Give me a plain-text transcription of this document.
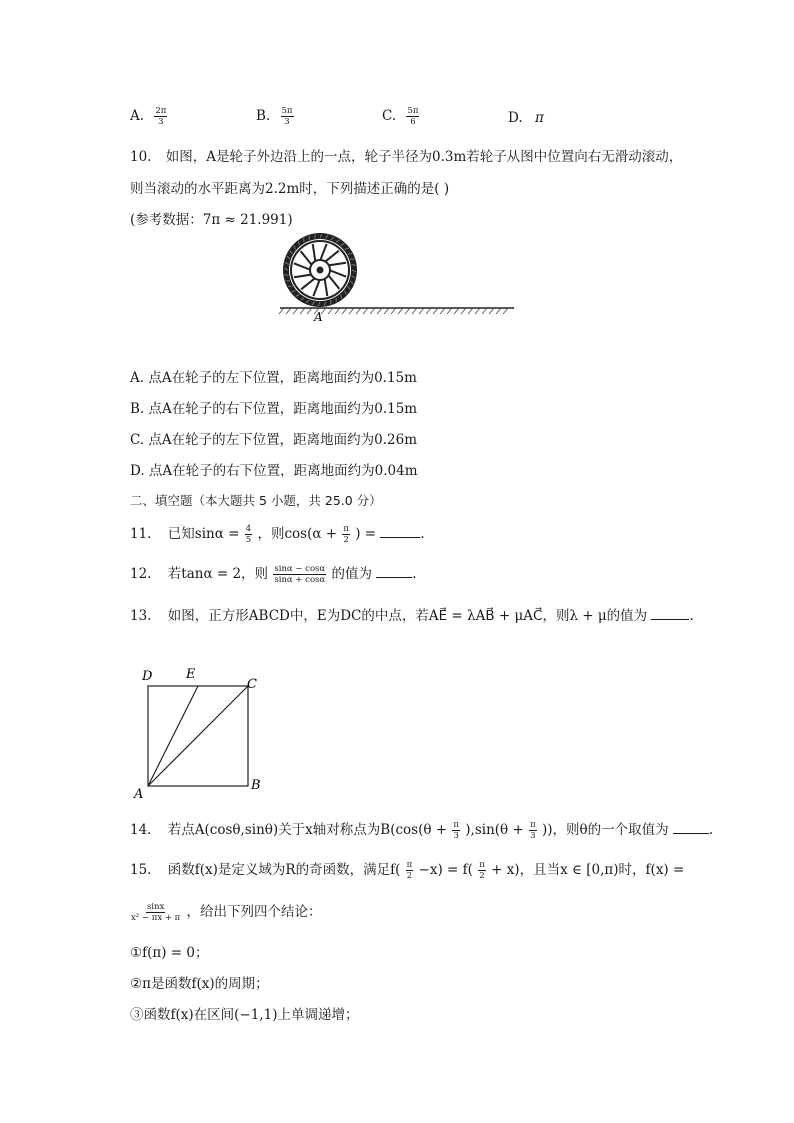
A. $\frac{2\pi}{3}$	B. $\frac{5\pi}{3}$	C. $\frac{5\pi}{6}$	D. π
10. 如图，A是轮子外边沿上的一点，轮子半径为0.3m若轮子从图中位置向右无滑动滚动，
则当滚动的水平距离为2.2m时，下列描述正确的是( )
(参考数据：7π ≈ 21.991)
A
A. 点A在轮子的左下位置，距离地面约为0.15m
B. 点A在轮子的右下位置，距离地面约为0.15m
C. 点A在轮子的左下位置，距离地面约为0.26m
D. 点A在轮子的右下位置，距离地面约为0.04m
二、填空题（本大题共 5 小题，共 25.0 分）
11. 已知$\sin\alpha = \frac{4}{5}$ ，则$\cos(\alpha + \frac{\pi}{2}$ ) =	.
12. 若tanα = 2，则 $\frac{\sin\alpha - \cos\alpha}{\sin\alpha + \cos\alpha}$ 的值为	.
13. 如图，正方形ABCD中，E为DC的中点，若AE⃗ = λAB⃗ + μAC⃗，则λ + μ的值为	.
D	E
C
A
B
14. 若点A(cosθ,sinθ)关于x轴对称点为$B(\cos(\theta + \frac{\pi}{3} ),\sin(\theta + \frac{\pi}{3}$ ))，则θ的一个取值为	.
15. 函数f(x)是定义域为R的奇函数，满足$f( \frac{\pi}{2} -x) = f( \frac{\pi}{2} + x)$，且当x ∈ [0,π)时，f(x) =
$\frac{\sin x}{\text{x² − πx + π}}$ ，给出下列四个结论：
①f(π) = 0；
②π是函数f(x)的周期；
③函数f(x)在区间(−1,1)上单调递增；
